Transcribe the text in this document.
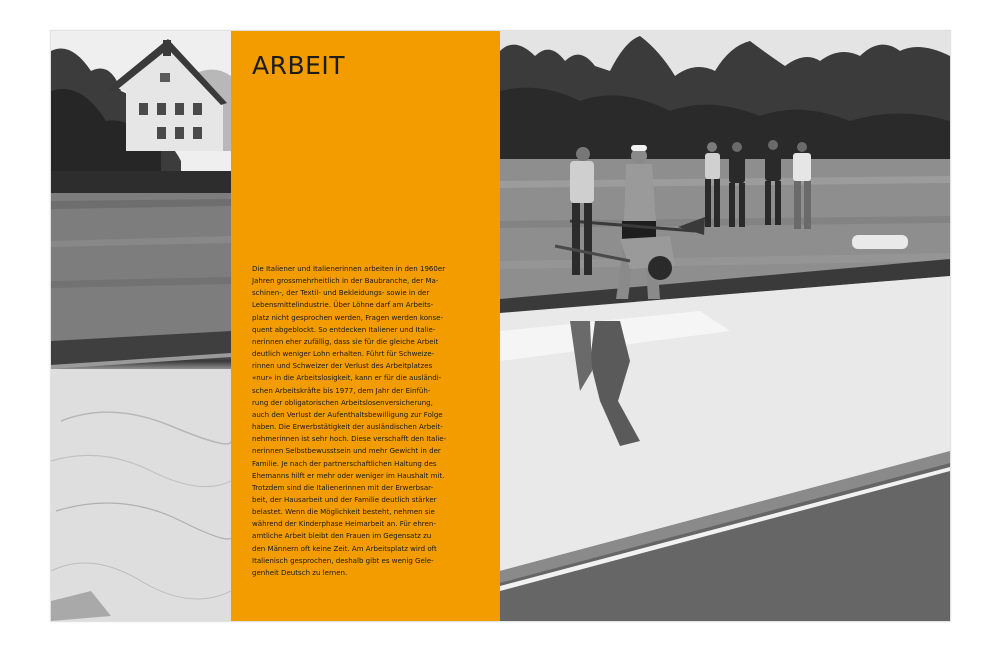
ARBEIT

Die Italiener und Italienerinnen arbeiten in den 1960er
Jahren grossmehrheitlich in der Baubranche, der Ma-
schinen-, der Textil- und Bekleidungs- sowie in der
Lebensmittelindustrie. Über Löhne darf am Arbeits-
platz nicht gesprochen werden, Fragen werden konse-
quent abgeblockt. So entdecken Italiener und Italie-
nerinnen eher zufällig, dass sie für die gleiche Arbeit
deutlich weniger Lohn erhalten. Führt für Schweize-
rinnen und Schweizer der Verlust des Arbeitplatzes
«nur» in die Arbeitslosigkeit, kann er für die ausländi-
schen Arbeitskräfte bis 1977, dem Jahr der Einfüh-
rung der obligatorischen Arbeitslosenversicherung,
auch den Verlust der Aufenthaltsbewilligung zur Folge
haben. Die Erwerbstätigkeit der ausländischen Arbeit-
nehmerinnen ist sehr hoch. Diese verschafft den Italie-
nerinnen Selbstbewusstsein und mehr Gewicht in der
Familie. Je nach der partnerschaftlichen Haltung des
Ehemanns hilft er mehr oder weniger im Haushalt mit.
Trotzdem sind die Italienerinnen mit der Erwerbsar-
beit, der Hausarbeit und der Familie deutlich stärker
belastet. Wenn die Möglichkeit besteht, nehmen sie
während der Kinderphase Heimarbeit an. Für ehren-
amtliche Arbeit bleibt den Frauen im Gegensatz zu
den Männern oft keine Zeit. Am Arbeitsplatz wird oft
Italienisch gesprochen, deshalb gibt es wenig Gele-
genheit Deutsch zu lernen.
